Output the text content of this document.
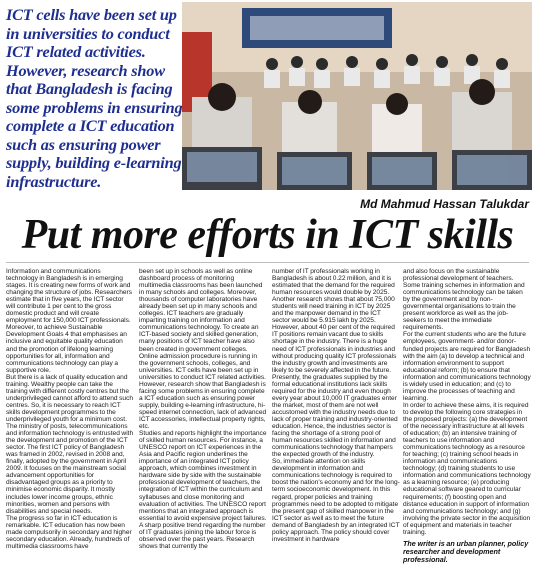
ICT cells have been set up in universities to conduct ICT related activities. However, research show that Bangladesh is facing some problems in ensuring complete a ICT education such as ensuring power supply, building e-learning infrastructure.
Md Mahmud Hassan Talukdar
Put more efforts in ICT skills

Information and communications technology in Bangladesh is in emerging stages. It is creating new forms of work and changing the structure of jobs. Researchers estimate that in five years, the ICT sector will contribute 1 per cent to the gross domestic product and will create employment for 150,000 ICT professionals. Moreover, to achieve Sustainable Development Goals 4 that emphasises an inclusive and equitable quality education and the promotion of lifelong learning opportunities for all, information and communications technology can play a supportive role.

But there is a lack of quality education and training. Wealthy people can take the training with different costly centres but the underprivileged cannot afford to attend such centres. So, it is necessary to reach ICT skills development programmes to the underprivileged youth for a minimum cost.

The ministry of posts, telecommunications and information technology is entrusted with the development and promotion of the ICT sector. The first ICT policy of Bangladesh was framed in 2002, revised in 2008 and, finally, adopted by the government in April 2009. It focuses on the mainstream social advancement opportunities for disadvantaged groups as a priority to minimise economic disparity. It mostly includes lower income groups, ethnic minorities, women and persons with disabilities and special needs.

The progress so far in ICT education is remarkable. ICT education has now been made compulsorily in secondary and higher secondary education. Already, hundreds of multimedia classrooms have

been set up in schools as well as online dashboard process of monitoring multimedia classrooms has been launched in many schools and colleges. Moreover, thousands of computer laboratories have already been set up in many schools and colleges. ICT teachers are gradually imparting training on information and communications technology. To create an ICT-based society and skilled generation, many positions of ICT teacher have also been created in government colleges. Online admission procedure is running in the government schools, colleges, and universities. ICT cells have been set up in universities to conduct ICT related activities. However, research show that Bangladesh is facing some problems in ensuring complete a ICT education such as ensuring power supply, building e-learning infrastructure, hi-speed internet connection, lack of advanced ICT accessories, intellectual property rights, etc.

Studies and reports highlight the importance of skilled human resources. For instance, a UNESCO report on ICT experiences in the Asia and Pacific region underlines the importance of an integrated ICT policy approach, which combines investment in hardware side by side with the sustainable professional development of teachers, the integration of ICT within the curriculum and syllabuses and close monitoring and evaluation of activities. The UNESCO report mentions that an integrated approach is essential to avoid expensive project failures. A sharp positive trend regarding the number of IT graduates joining the labour force is observed over the past years. Research shows that currently the

number of IT professionals working in Bangladesh is about 0.22 million, and it is estimated that the demand for the required human resources would double by 2025. Another research shows that about 75,000 students will need training in ICT by 2025 and the manpower demand in the ICT sector would be 5.915 lakh by 2025. However, about 40 per cent of the required IT positions remain vacant due to skills shortage in the industry. There is a huge need of ICT professionals in industries and without producing quality ICT professionals the industry growth and investments are likely to be severely affected in the future. Presently, the graduates supplied by the formal educational institutions lack skills required for the industry and even though every year about 10,000 IT graduates enter the market, most of them are not well accustomed with the industry needs due to lack of proper training and industry-oriented education. Hence, the industries sector is facing the shortage of a strong pool of human resources skilled in information and communications technology that hampers the expected growth of the industry.

So, immediate attention on skills development in information and communications technology is required to boost the nation's economy and for the long-term socioeconomic development. In this regard, proper policies and training programmes need to be adopted to mitigate the present gap of skilled manpower in the ICT sector as well as to meet the future demand of Bangladesh by an integrated ICT policy approach. The policy should cover investment in hardware

and also focus on the sustainable professional development of teachers. Some training schemes in information and communications technology can be taken by the government and by non-governmental organisations to train the present workforce as well as the job-seekers to meet the immediate requirements.

For the current students who are the future employees, government- and/or donor-funded projects are required for Bangladesh with the aim (a) to develop a technical and information environment to support educational reform; (b) to ensure that information and communications technology is widely used in education; and (c) to improve the processes of teaching and learning.

In order to achieve these aims, it is required to develop the following core strategies in the proposed projects: (a) the development of the necessary infrastructure at all levels of education; (b) an intensive training of teachers to use information and communications technology as a resource for teaching; (c) training school heads in information and communications technology; (d) training students to use information and communications technology as a learning resource; (e) producing educational software geared to curricular requirements; (f) boosting open and distance education in support of information and communications technology; and (g) involving the private sector in the acquisition of equipment and materials in teacher training.

The writer is an urban planner, policy researcher and development professional.
